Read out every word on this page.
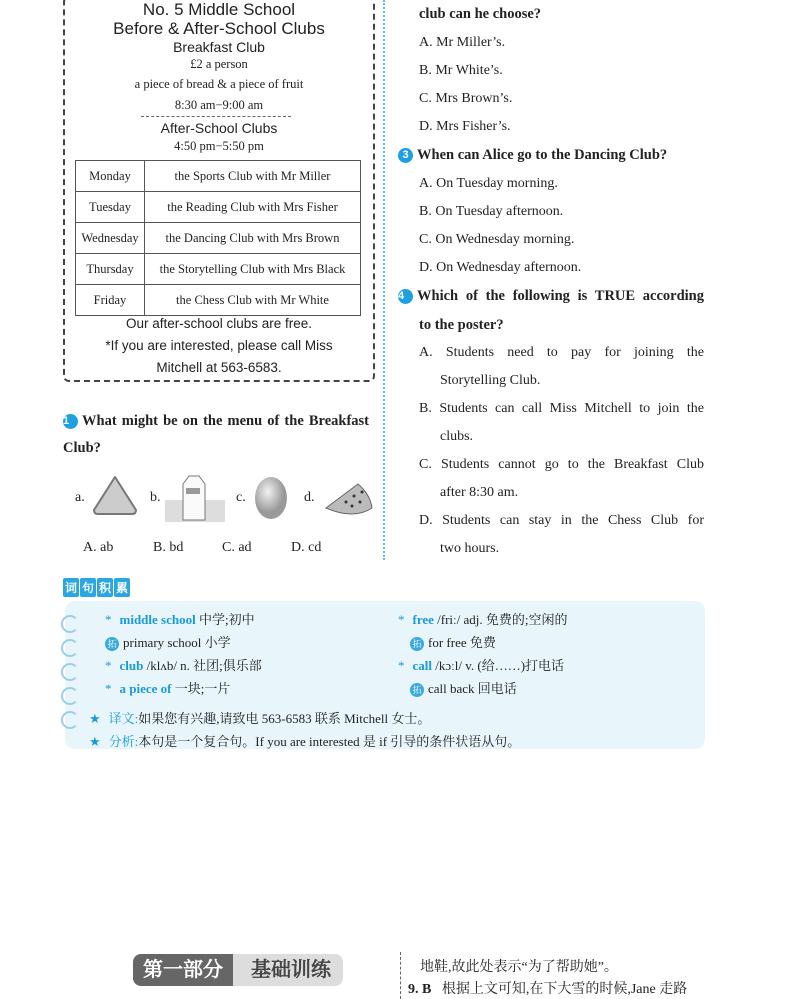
No. 5 Middle School
Before & After-School Clubs
Breakfast Club
£2 a person
a piece of bread & a piece of fruit
8:30 am−9:00 am
After-School Clubs
4:50 pm−5:50 pm
Monday	the Sports Club with Mr Miller
Tuesday	the Reading Club with Mrs Fisher
Wednesday	the Dancing Club with Mrs Brown
Thursday	the Storytelling Club with Mrs Black
Friday	the Chess Club with Mr White
Our after-school clubs are free.
*If you are interested, please call Miss
Mitchell at 563-6583.
1 What might be on the menu of the Breakfast Club?
a.	b.	c.	d.
A. ab	B. bd	C. ad	D. cd
club can he choose?
A. Mr Miller’s.
B. Mr White’s.
C. Mrs Brown’s.
D. Mrs Fisher’s.
3 When can Alice go to the Dancing Club?
A. On Tuesday morning.
B. On Tuesday afternoon.
C. On Wednesday morning.
D. On Wednesday afternoon.
4 Which of the following is TRUE according
to the poster?
A. Students need to pay for joining the
Storytelling Club.
B. Students can call Miss Mitchell to join the
clubs.
C. Students cannot go to the Breakfast Club
after 8:30 am.
D. Students can stay in the Chess Club for
two hours.
词 句 积 累
* middle school 中学;初中
拓 primary school 小学
* club /klʌb/ n. 社团;俱乐部
* a piece of 一块;一片
* free /friː/ adj. 免费的;空闲的
拓 for free 免费
* call /kɔːl/ v. (给……)打电话
拓 call back 回电话
★ 译文:如果您有兴趣,请致电 563-6583 联系 Mitchell 女士。
★ 分析:本句是一个复合句。If you are interested 是 if 引导的条件状语从句。
第一部分	基础训练	地鞋,故此处表示“为了帮助她”。
9. B 根据上文可知,在下大雪的时候,Jane 走路
